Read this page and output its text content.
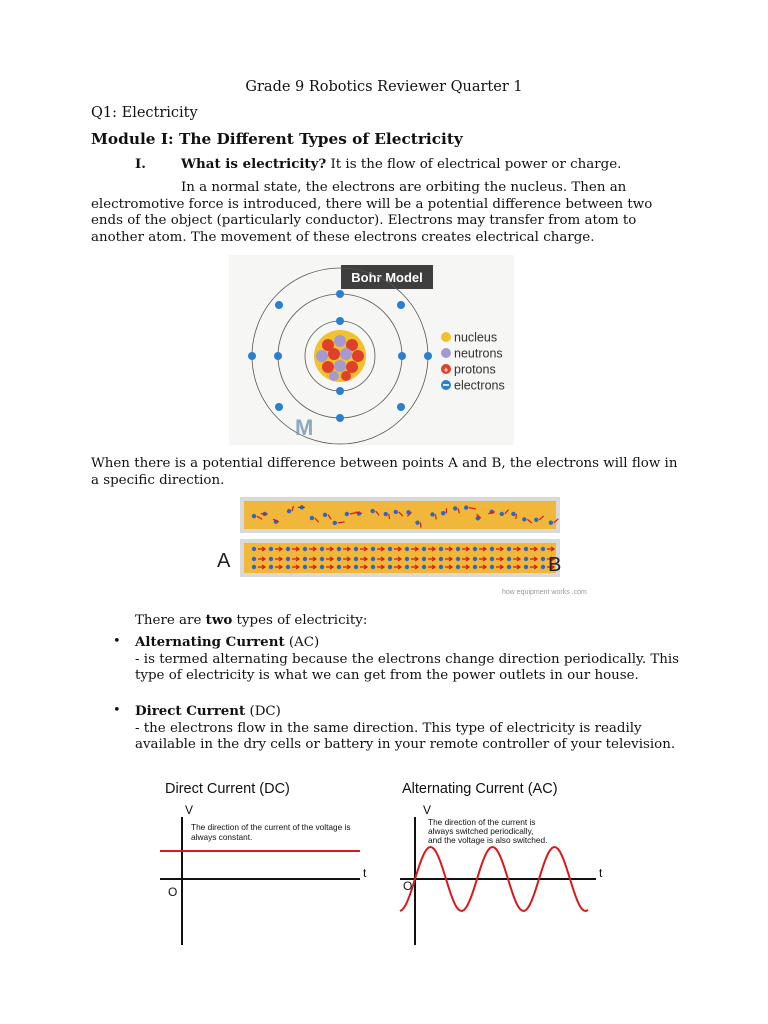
Grade 9 Robotics Reviewer Quarter 1
Q1: Electricity
Module I: The Different Types of Electricity
I.	What is electricity? It is the flow of electrical power or charge.

In a normal state, the electrons are orbiting the nucleus. Then an electromotive force is introduced, there will be a potential difference between two ends of the object (particularly conductor). Electrons may transfer from atom to another atom. The movement of these electrons creates electrical charge.

Bohr Model
nucleus
neutrons
+ protons
electrons
M

When there is a potential difference between points A and B, the electrons will flow in a specific direction.

A	B
how equipment works .com
There are two types of electricity:
• Alternating Current (AC)
- is termed alternating because the electrons change direction periodically. This type of electricity is what we can get from the power outlets in our house.
• Direct Current (DC)
- the electrons flow in the same direction. This type of electricity is readily available in the dry cells or battery in your remote controller of your television.
Direct Current (DC)
V
t
O
The direction of the current of the voltage is
always constant.
Alternating Current (AC)
V
t
O
The direction of the current is
always switched periodically,
and the voltage is also switched.
